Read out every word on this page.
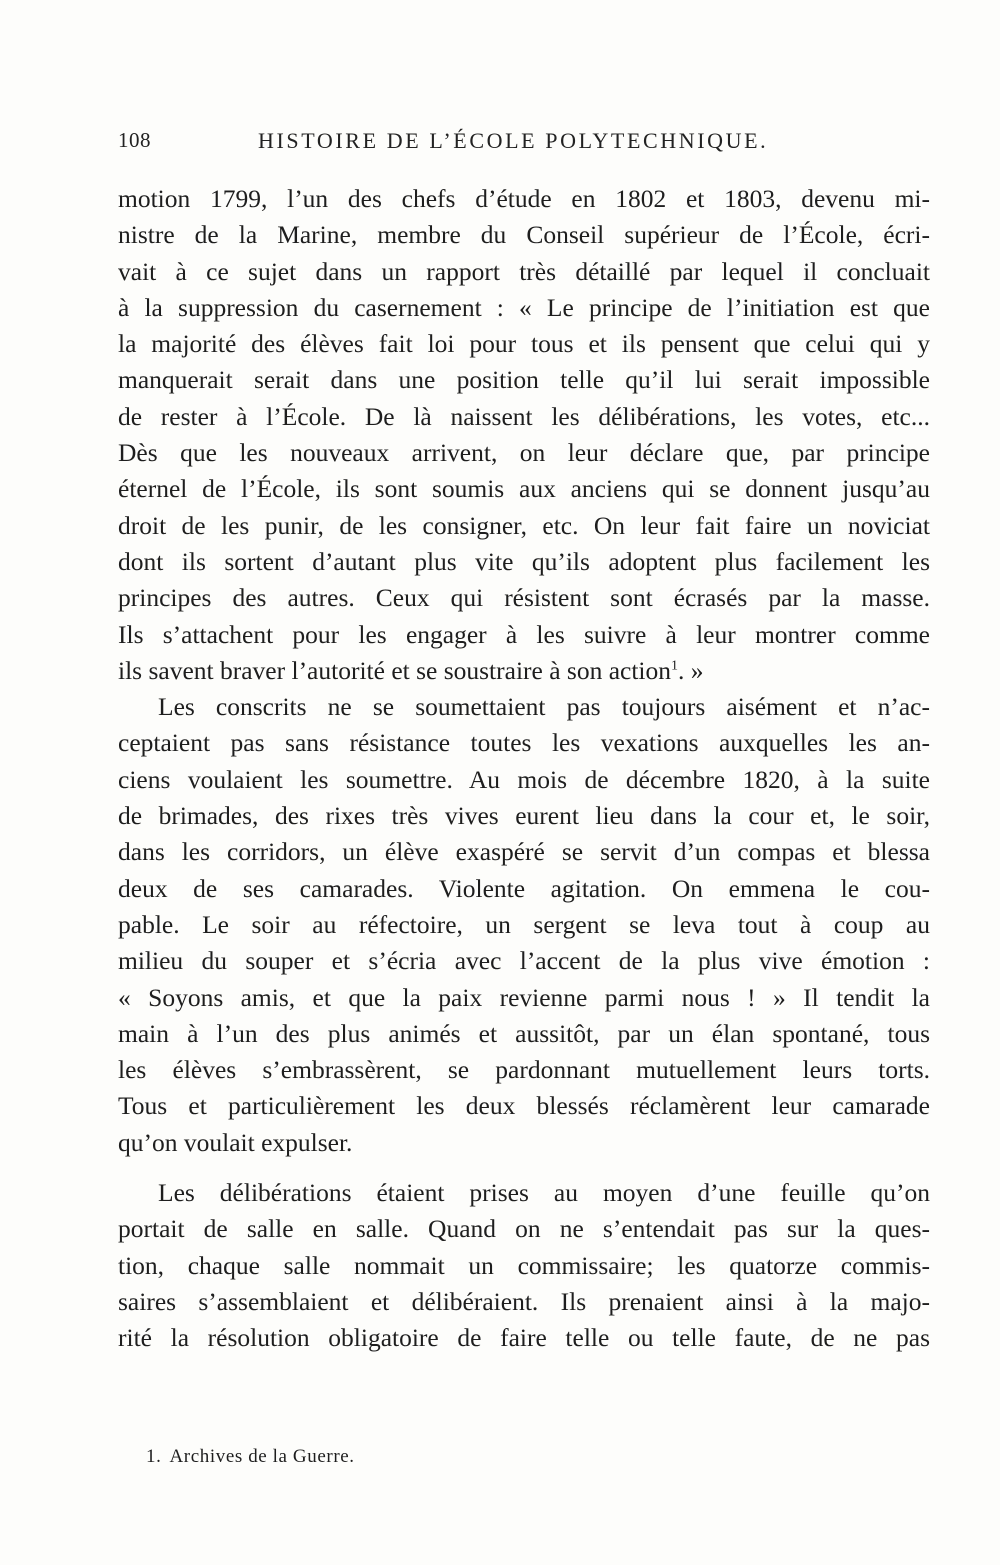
108	HISTOIRE DE L’ÉCOLE POLYTECHNIQUE.
motion 1799, l’un des chefs d’étude en 1802 et 1803, devenu mi-
nistre de la Marine, membre du Conseil supérieur de l’École, écri-
vait à ce sujet dans un rapport très détaillé par lequel il concluait
à la suppression du casernement : « Le principe de l’initiation est que
la majorité des élèves fait loi pour tous et ils pensent que celui qui y
manquerait serait dans une position telle qu’il lui serait impossible
de rester à l’École. De là naissent les délibérations, les votes, etc...
Dès que les nouveaux arrivent, on leur déclare que, par principe
éternel de l’École, ils sont soumis aux anciens qui se donnent jusqu’au
droit de les punir, de les consigner, etc. On leur fait faire un noviciat
dont ils sortent d’autant plus vite qu’ils adoptent plus facilement les
principes des autres. Ceux qui résistent sont écrasés par la masse.
Ils s’attachent pour les engager à les suivre à leur montrer comme
ils savent braver l’autorité et se soustraire à son action$^1$. »
Les conscrits ne se soumettaient pas toujours aisément et n’ac-
ceptaient pas sans résistance toutes les vexations auxquelles les an-
ciens voulaient les soumettre. Au mois de décembre 1820, à la suite
de brimades, des rixes très vives eurent lieu dans la cour et, le soir,
dans les corridors, un élève exaspéré se servit d’un compas et blessa
deux de ses camarades. Violente agitation. On emmena le cou-
pable. Le soir au réfectoire, un sergent se leva tout à coup au
milieu du souper et s’écria avec l’accent de la plus vive émotion :
« Soyons amis, et que la paix revienne parmi nous ! » Il tendit la
main à l’un des plus animés et aussitôt, par un élan spontané, tous
les élèves s’embrassèrent, se pardonnant mutuellement leurs torts.
Tous et particulièrement les deux blessés réclamèrent leur camarade
qu’on voulait expulser.
Les délibérations étaient prises au moyen d’une feuille qu’on
portait de salle en salle. Quand on ne s’entendait pas sur la ques-
tion, chaque salle nommait un commissaire; les quatorze commis-
saires s’assemblaient et délibéraient. Ils prenaient ainsi à la majo-
rité la résolution obligatoire de faire telle ou telle faute, de ne pas
1. Archives de la Guerre.
